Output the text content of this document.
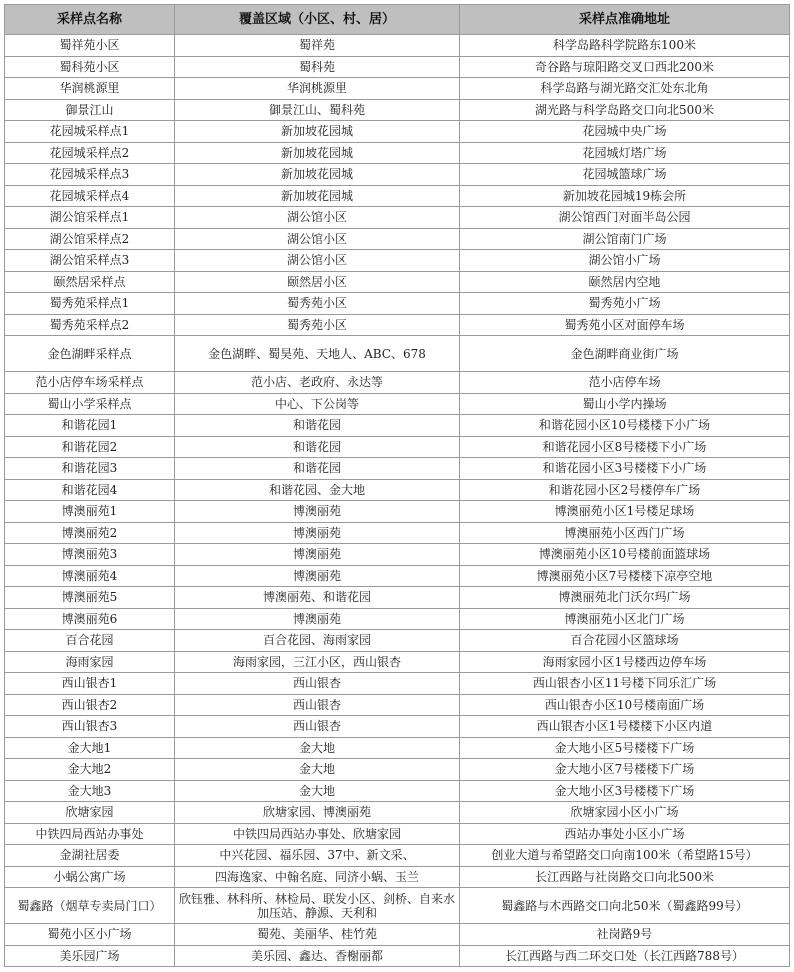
采样点名称	覆盖区域（小区、村、居）	采样点准确地址
蜀祥苑小区	蜀祥苑	科学岛路科学院路东100米
蜀科苑小区	蜀科苑	奇谷路与琼阳路交叉口西北200米
华润桃源里	华润桃源里	科学岛路与湖光路交汇处东北角
御景江山	御景江山、蜀科苑	湖光路与科学岛路交口向北500米
花园城采样点1	新加坡花园城	花园城中央广场
花园城采样点2	新加坡花园城	花园城灯塔广场
花园城采样点3	新加坡花园城	花园城篮球广场
花园城采样点4	新加坡花园城	新加坡花园城19栋会所
湖公馆采样点1	湖公馆小区	湖公馆西门对面半岛公园
湖公馆采样点2	湖公馆小区	湖公馆南门广场
湖公馆采样点3	湖公馆小区	湖公馆小广场
颐然居采样点	颐然居小区	颐然居内空地
蜀秀苑采样点1	蜀秀苑小区	蜀秀苑小广场
蜀秀苑采样点2	蜀秀苑小区	蜀秀苑小区对面停车场
金色湖畔采样点	金色湖畔、蜀昊苑、天地人、ABC、678	金色湖畔商业街广场
范小店停车场采样点	范小店、老政府、永达等	范小店停车场
蜀山小学采样点	中心、下公岗等	蜀山小学内操场
和谐花园1	和谐花园	和谐花园小区10号楼楼下小广场
和谐花园2	和谐花园	和谐花园小区8号楼楼下小广场
和谐花园3	和谐花园	和谐花园小区3号楼楼下小广场
和谐花园4	和谐花园、金大地	和谐花园小区2号楼停车广场
博澳丽苑1	博澳丽苑	博澳丽苑小区1号楼足球场
博澳丽苑2	博澳丽苑	博澳丽苑小区西门广场
博澳丽苑3	博澳丽苑	博澳丽苑小区10号楼前面篮球场
博澳丽苑4	博澳丽苑	博澳丽苑小区7号楼楼下凉亭空地
博澳丽苑5	博澳丽苑、和谐花园	博澳丽苑北门沃尔玛广场
博澳丽苑6	博澳丽苑	博澳丽苑小区北门广场
百合花园	百合花园、海雨家园	百合花园小区篮球场
海雨家园	海雨家园，三江小区，西山银杏	海雨家园小区1号楼西边停车场
西山银杏1	西山银杏	西山银杏小区11号楼下同乐汇广场
西山银杏2	西山银杏	西山银杏小区10号楼南面广场
西山银杏3	西山银杏	西山银杏小区1号楼楼下小区内道
金大地1	金大地	金大地小区5号楼楼下广场
金大地2	金大地	金大地小区7号楼楼下广场
金大地3	金大地	金大地小区3号楼楼下广场
欣塘家园	欣塘家园、博澳丽苑	欣塘家园小区小广场
中铁四局西站办事处	中铁四局西站办事处、欣塘家园	西站办事处小区小广场
金湖社居委	中兴花园、福乐园、37中、新文采、	创业大道与希望路交口向南100米（希望路15号）
小蜗公寓广场	四海逸家、中翰名庭、同济小蜗、玉兰	长江西路与社岗路交口向北500米
蜀鑫路（烟草专卖局门口）	欣钰雅、林科所、林检局、联发小区、剑桥、自来水加压站、静源、天利和	蜀鑫路与木西路交口向北50米（蜀鑫路99号）
蜀苑小区小广场	蜀苑、美丽华、桂竹苑	社岗路9号
美乐园广场	美乐园、鑫达、香榭丽都	长江西路与西二环交口处（长江西路788号）
